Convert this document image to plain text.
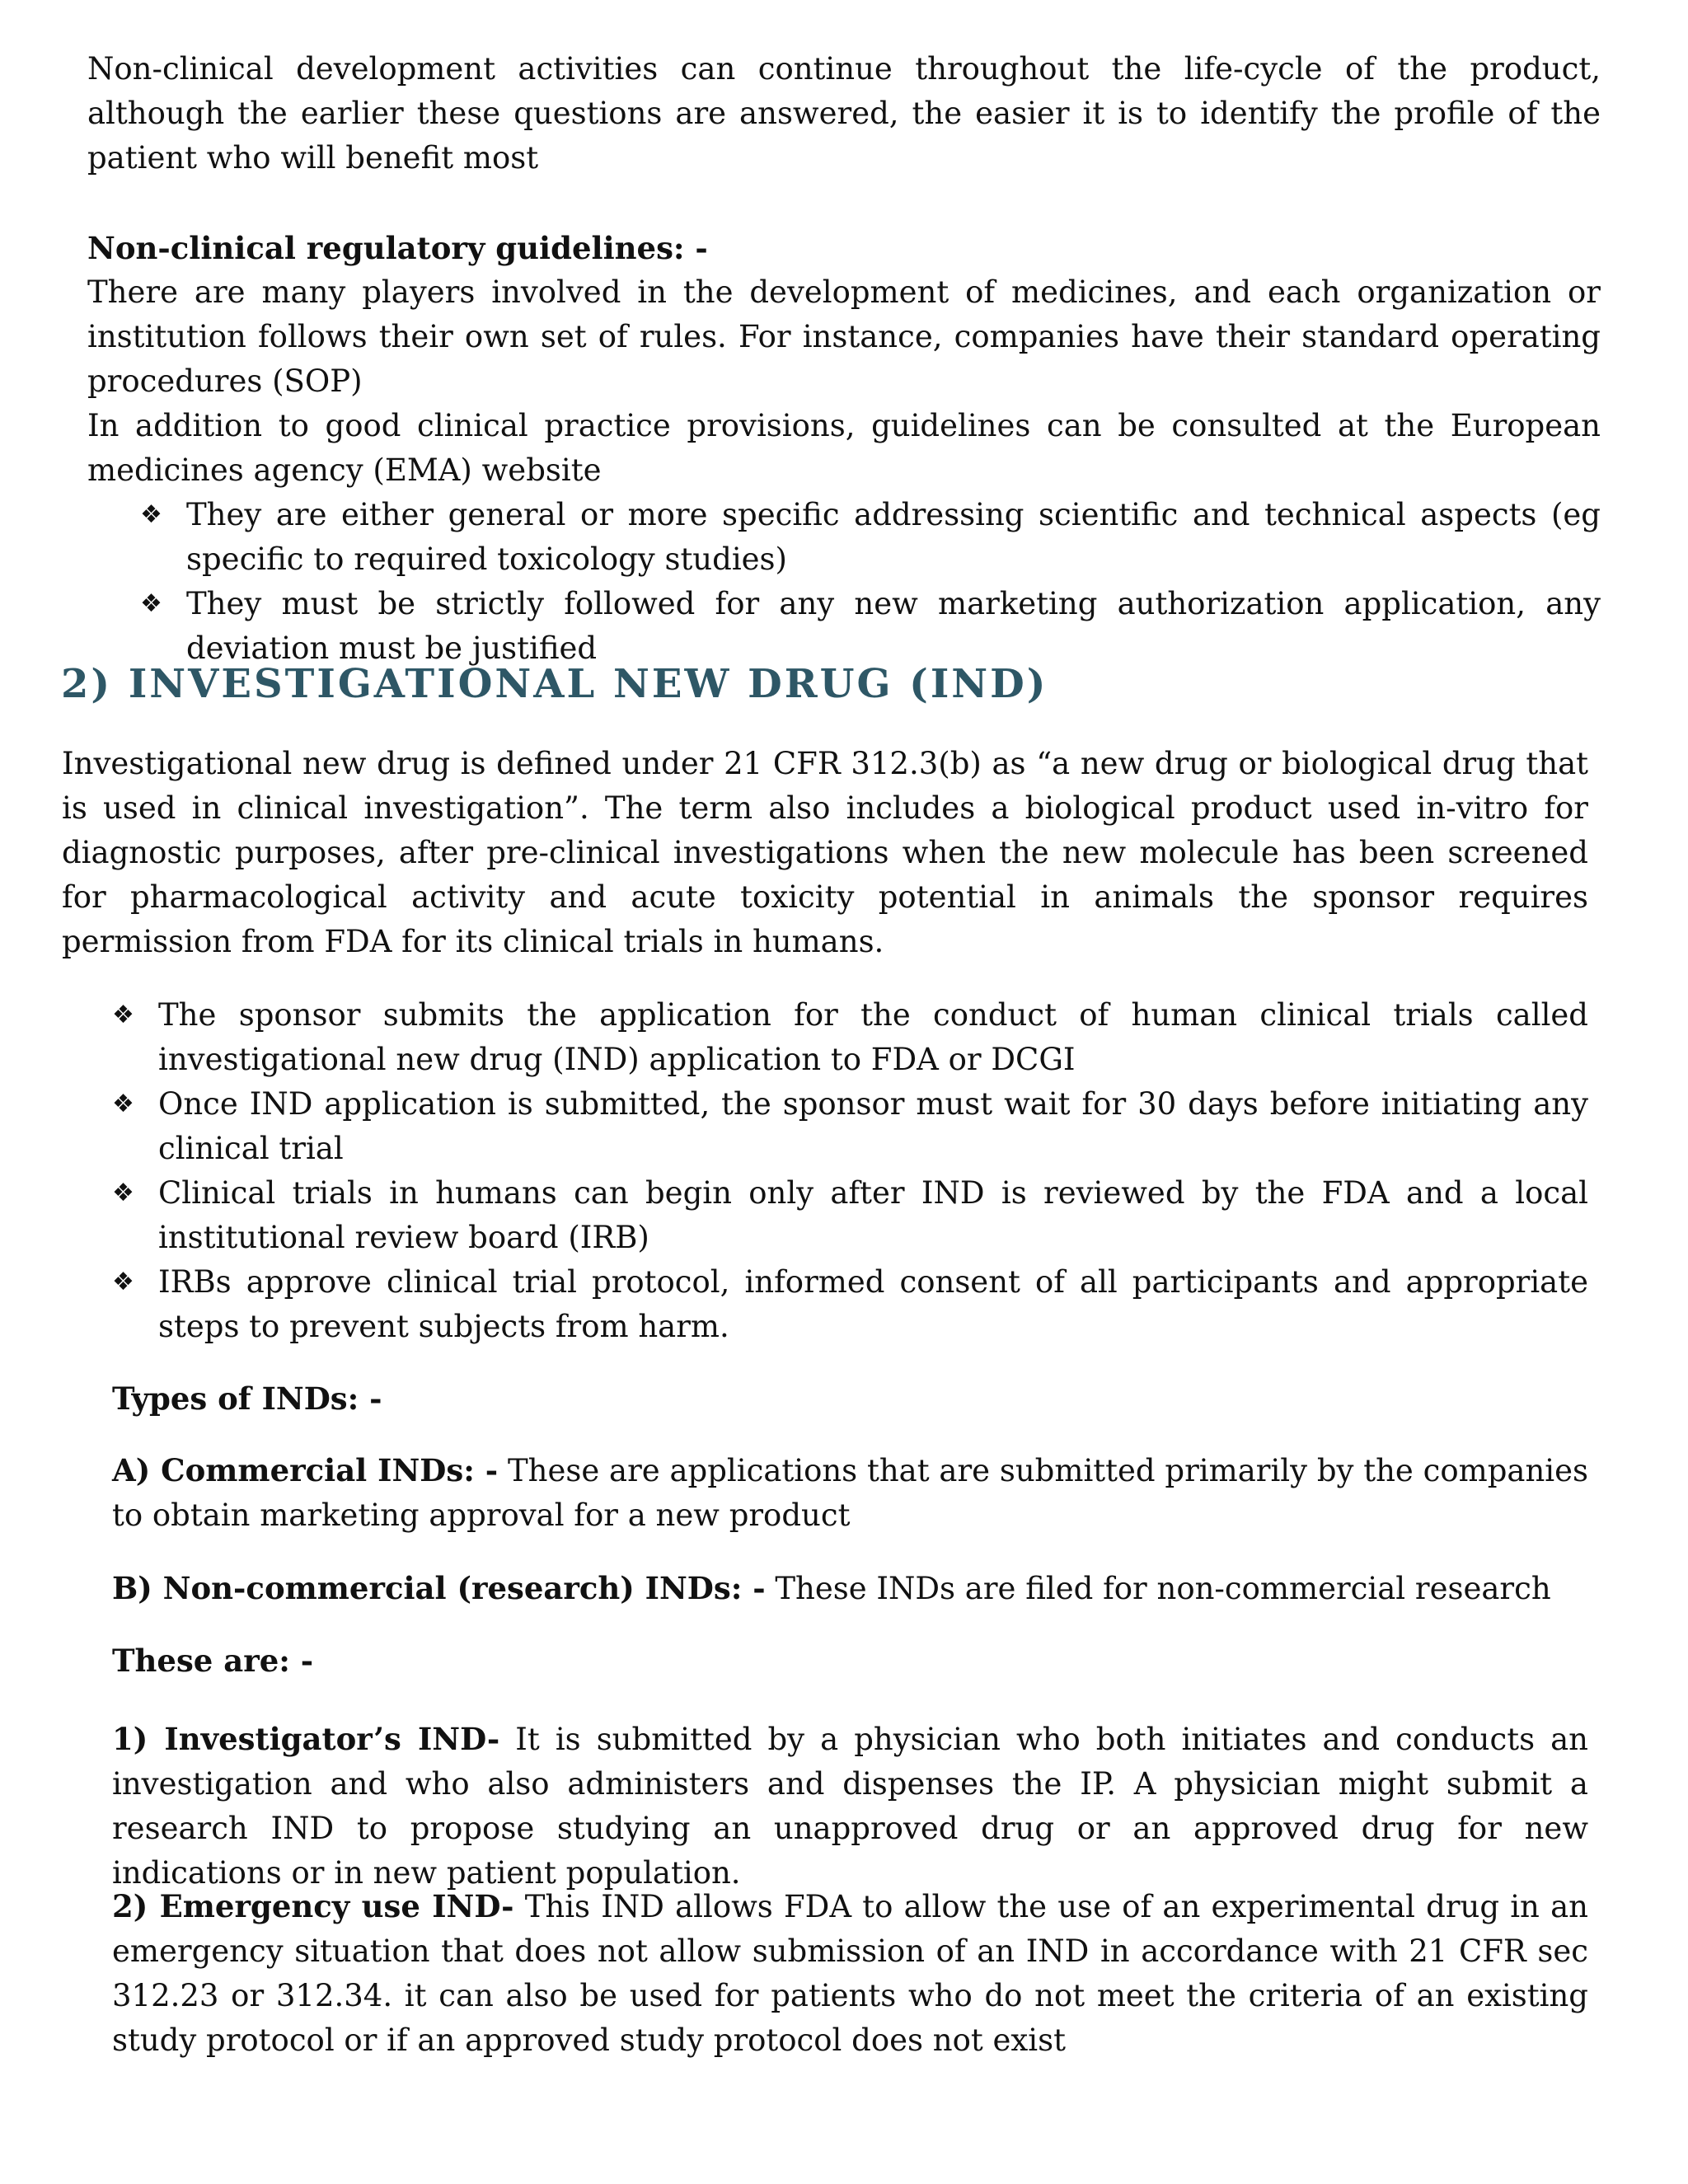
Non-clinical development activities can continue throughout the life-cycle of the product, although the earlier these questions are answered, the easier it is to identify the profile of the patient who will benefit most
Non-clinical regulatory guidelines: -
There are many players involved in the development of medicines, and each organization or institution follows their own set of rules. For instance, companies have their standard operating procedures (SOP)
In addition to good clinical practice provisions, guidelines can be consulted at the European medicines agency (EMA) website
❖ They are either general or more specific addressing scientific and technical aspects (eg specific to required toxicology studies)
❖ They must be strictly followed for any new marketing authorization application, any deviation must be justified
2) INVESTIGATIONAL NEW DRUG (IND)
Investigational new drug is defined under 21 CFR 312.3(b) as “a new drug or biological drug that is used in clinical investigation”. The term also includes a biological product used in-vitro for diagnostic purposes, after pre-clinical investigations when the new molecule has been screened for pharmacological activity and acute toxicity potential in animals the sponsor requires permission from FDA for its clinical trials in humans.
❖ The sponsor submits the application for the conduct of human clinical trials called investigational new drug (IND) application to FDA or DCGI
❖ Once IND application is submitted, the sponsor must wait for 30 days before initiating any clinical trial
❖ Clinical trials in humans can begin only after IND is reviewed by the FDA and a local institutional review board (IRB)
❖ IRBs approve clinical trial protocol, informed consent of all participants and appropriate steps to prevent subjects from harm.
Types of INDs: -
A) Commercial INDs: - These are applications that are submitted primarily by the companies to obtain marketing approval for a new product
B) Non-commercial (research) INDs: - These INDs are filed for non-commercial research
These are: -
1) Investigator’s IND- It is submitted by a physician who both initiates and conducts an investigation and who also administers and dispenses the IP. A physician might submit a research IND to propose studying an unapproved drug or an approved drug for new indications or in new patient population.
2) Emergency use IND- This IND allows FDA to allow the use of an experimental drug in an emergency situation that does not allow submission of an IND in accordance with 21 CFR sec 312.23 or 312.34. it can also be used for patients who do not meet the criteria of an existing study protocol or if an approved study protocol does not exist
